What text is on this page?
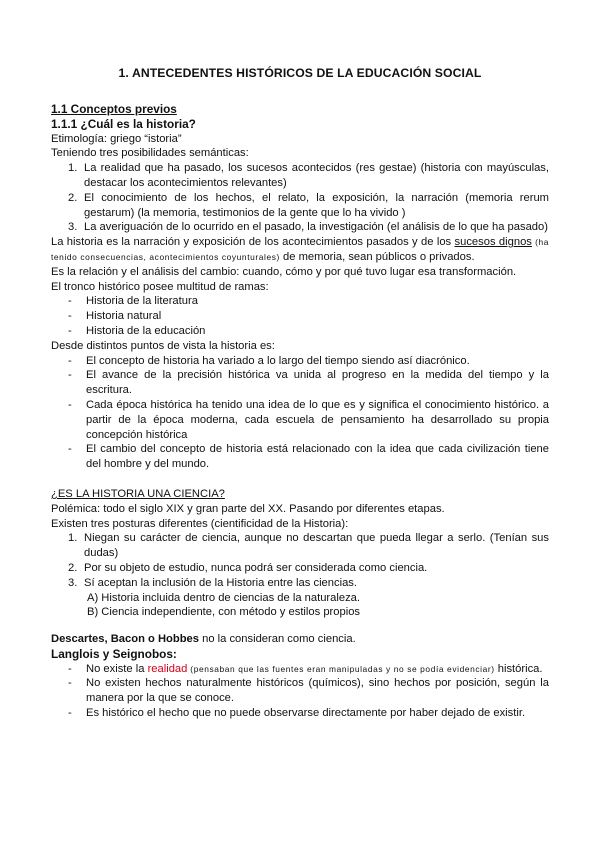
1. ANTECEDENTES HISTÓRICOS DE LA EDUCACIÓN SOCIAL

1.1 Conceptos previos

1.1.1 ¿Cuál es la historia?

Etimología: griego “istoria”

Teniendo tres posibilidades semánticas:

1. La realidad que ha pasado, los sucesos acontecidos (res gestae) (historia con mayúsculas, destacar los acontecimientos relevantes)
2. El conocimiento de los hechos, el relato, la exposición, la narración (memoria rerum gestarum) (la memoria, testimonios de la gente que lo ha vivido )
3. La averiguación de lo ocurrido en el pasado, la investigación (el análisis de lo que ha pasado)

La historia es la narración y exposición de los acontecimientos pasados y de los sucesos dignos (ha tenido consecuencias, acontecimientos coyunturales) de memoria, sean públicos o privados.

Es la relación y el análisis del cambio: cuando, cómo y por qué tuvo lugar esa transformación.

El tronco histórico posee multitud de ramas:

- Historia de la literatura
- Historia natural
- Historia de la educación

Desde distintos puntos de vista la historia es:

- El concepto de historia ha variado a lo largo del tiempo siendo así diacrónico.
- El avance de la precisión histórica va unida al progreso en la medida del tiempo y la escritura.
- Cada época histórica ha tenido una idea de lo que es y significa el conocimiento histórico. a partir de la época moderna, cada escuela de pensamiento ha desarrollado su propia concepción histórica
- El cambio del concepto de historia está relacionado con la idea que cada civilización tiene del hombre y del mundo.

¿ES LA HISTORIA UNA CIENCIA?

Polémica: todo el siglo XIX y gran parte del XX. Pasando por diferentes etapas.

Existen tres posturas diferentes (cientificidad de la Historia):

1. Niegan su carácter de ciencia, aunque no descartan que pueda llegar a serlo. (Tenían sus dudas)
2. Por su objeto de estudio, nunca podrá ser considerada como ciencia.
3. Sí aceptan la inclusión de la Historia entre las ciencias.

A) Historia incluida dentro de ciencias de la naturaleza.

B) Ciencia independiente, con método y estilos propios

Descartes, Bacon o Hobbes no la consideran como ciencia.

Langlois y Seignobos:

- No existe la realidad (pensaban que las fuentes eran manipuladas y no se podía evidenciar) histórica.
- No existen hechos naturalmente históricos (químicos), sino hechos por posición, según la manera por la que se conoce.
- Es histórico el hecho que no puede observarse directamente por haber dejado de existir.
